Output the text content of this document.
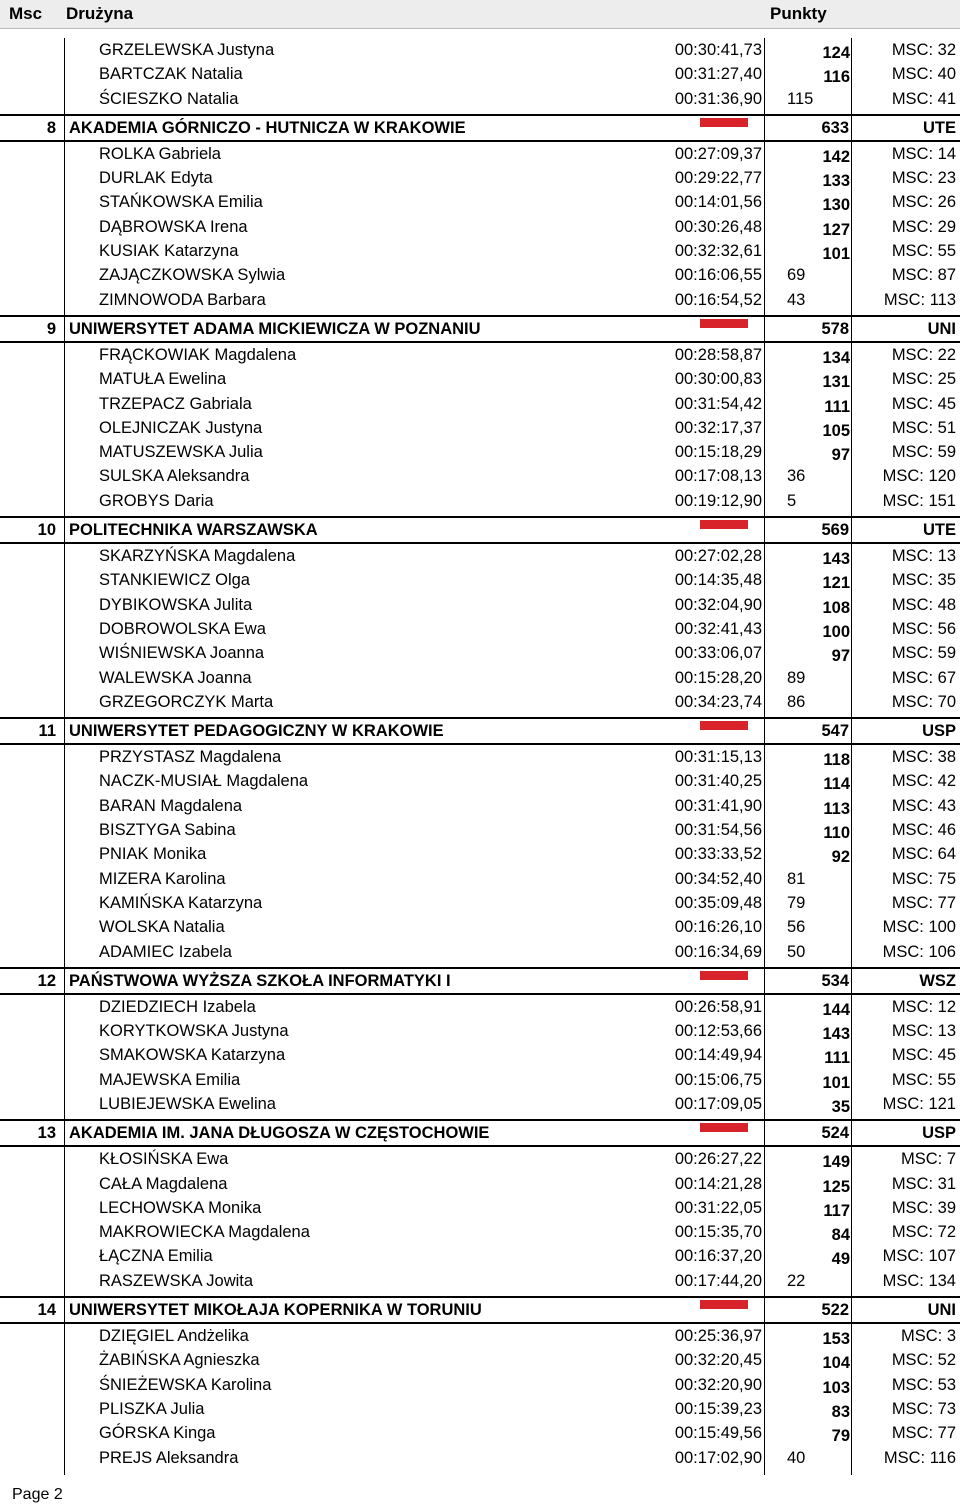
Msc Drużyna	Punkty
GRZELEWSKA Justyna	00:30:41,73	124	MSC: 32
BARTCZAK Natalia	00:31:27,40	116	MSC: 40
ŚCIESZKO Natalia	00:31:36,90 115	MSC: 41
8 AKADEMIA GÓRNICZO - HUTNICZA W KRAKOWIE	633	UTE
ROLKA Gabriela	00:27:09,37	142	MSC: 14
DURLAK Edyta	00:29:22,77	133	MSC: 23
STAŃKOWSKA Emilia	00:14:01,56	130	MSC: 26
DĄBROWSKA Irena	00:30:26,48	127	MSC: 29
KUSIAK Katarzyna	00:32:32,61	101	MSC: 55
ZAJĄCZKOWSKA Sylwia	00:16:06,55 69	MSC: 87
ZIMNOWODA Barbara	00:16:54,52 43	MSC: 113
9 UNIWERSYTET ADAMA MICKIEWICZA W POZNANIU	578	UNI
FRĄCKOWIAK Magdalena	00:28:58,87	134	MSC: 22
MATUŁA Ewelina	00:30:00,83	131	MSC: 25
TRZEPACZ Gabriala	00:31:54,42	111	MSC: 45
OLEJNICZAK Justyna	00:32:17,37	105	MSC: 51
MATUSZEWSKA Julia	00:15:18,29	97	MSC: 59
SULSKA Aleksandra	00:17:08,13 36	MSC: 120
GROBYS Daria	00:19:12,90 5	MSC: 151
10 POLITECHNIKA WARSZAWSKA	569	UTE
SKARZYŃSKA Magdalena	00:27:02,28	143	MSC: 13
STANKIEWICZ Olga	00:14:35,48	121	MSC: 35
DYBIKOWSKA Julita	00:32:04,90	108	MSC: 48
DOBROWOLSKA Ewa	00:32:41,43	100	MSC: 56
WIŚNIEWSKA Joanna	00:33:06,07	97	MSC: 59
WALEWSKA Joanna	00:15:28,20 89	MSC: 67
GRZEGORCZYK Marta	00:34:23,74 86	MSC: 70
11 UNIWERSYTET PEDAGOGICZNY W KRAKOWIE	547	USP
PRZYSTASZ Magdalena	00:31:15,13	118	MSC: 38
NACZK-MUSIAŁ Magdalena	00:31:40,25	114	MSC: 42
BARAN Magdalena	00:31:41,90	113	MSC: 43
BISZTYGA Sabina	00:31:54,56	110	MSC: 46
PNIAK Monika	00:33:33,52	92	MSC: 64
MIZERA Karolina	00:34:52,40 81	MSC: 75
KAMIŃSKA Katarzyna	00:35:09,48 79	MSC: 77
WOLSKA Natalia	00:16:26,10 56	MSC: 100
ADAMIEC Izabela	00:16:34,69 50	MSC: 106
12 PAŃSTWOWA WYŻSZA SZKOŁA INFORMATYKI I	534	WSZ
DZIEDZIECH Izabela	00:26:58,91	144	MSC: 12
KORYTKOWSKA Justyna	00:12:53,66	143	MSC: 13
SMAKOWSKA Katarzyna	00:14:49,94	111	MSC: 45
MAJEWSKA Emilia	00:15:06,75	101	MSC: 55
LUBIEJEWSKA Ewelina	00:17:09,05	35 MSC: 121
13 AKADEMIA IM. JANA DŁUGOSZA W CZĘSTOCHOWIE	524	USP
KŁOSIŃSKA Ewa	00:26:27,22	149	MSC: 7
CAŁA Magdalena	00:14:21,28	125	MSC: 31
LECHOWSKA Monika	00:31:22,05	117	MSC: 39
MAKROWIECKA Magdalena	00:15:35,70	84	MSC: 72
ŁĄCZNA Emilia	00:16:37,20	49 MSC: 107
RASZEWSKA Jowita	00:17:44,20 22	MSC: 134
14 UNIWERSYTET MIKOŁAJA KOPERNIKA W TORUNIU	522	UNI
DZIĘGIEL Andżelika	00:25:36,97	153	MSC: 3
ŻABIŃSKA Agnieszka	00:32:20,45	104	MSC: 52
ŚNIEŻEWSKA Karolina	00:32:20,90	103	MSC: 53
PLISZKA Julia	00:15:39,23	83	MSC: 73
GÓRSKA Kinga	00:15:49,56	79	MSC: 77
PREJS Aleksandra	00:17:02,90 40	MSC: 116
Page 2
